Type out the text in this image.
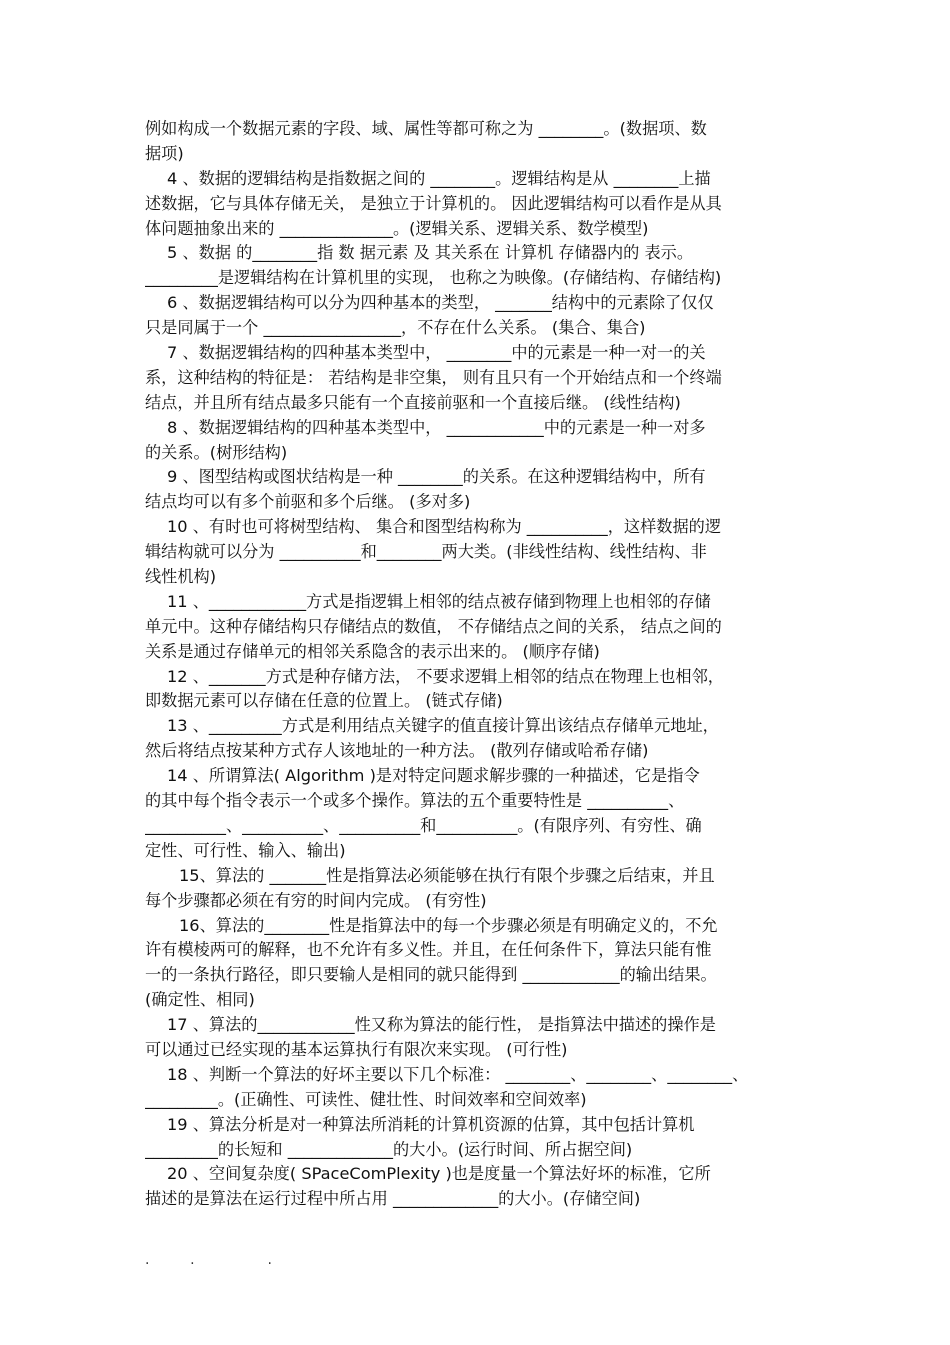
例如构成一个数据元素的字段、域、属性等都可称之为 ________。(数据项、数
据项)
4 、数据的逻辑结构是指数据之间的 ________。逻辑结构是从 ________上描
述数据，它与具体存储无关， 是独立于计算机的。 因此逻辑结构可以看作是从具
体问题抽象出来的 ______________。(逻辑关系、逻辑关系、数学模型)
5 、数据 的________指 数 据元素 及 其关系在 计算机 存储器内的 表示。
_________是逻辑结构在计算机里的实现， 也称之为映像。(存储结构、存储结构)
6 、数据逻辑结构可以分为四种基本的类型， _______结构中的元素除了仅仅
只是同属于一个 _________________，不存在什么关系。 (集合、集合)
7 、数据逻辑结构的四种基本类型中， ________中的元素是一种一对一的关
系，这种结构的特征是： 若结构是非空集， 则有且只有一个开始结点和一个终端
结点，并且所有结点最多只能有一个直接前驱和一个直接后继。 (线性结构)
8 、数据逻辑结构的四种基本类型中， ____________中的元素是一种一对多
的关系。(树形结构)
9 、图型结构或图状结构是一种 ________的关系。在这种逻辑结构中，所有
结点均可以有多个前驱和多个后继。 (多对多)
10 、有时也可将树型结构、 集合和图型结构称为 __________，这样数据的逻
辑结构就可以分为 __________和________两大类。(非线性结构、线性结构、非
线性机构)
11 、____________方式是指逻辑上相邻的结点被存储到物理上也相邻的存储
单元中。这种存储结构只存储结点的数值， 不存储结点之间的关系， 结点之间的
关系是通过存储单元的相邻关系隐含的表示出来的。 (顺序存储)
12 、_______方式是种存储方法， 不要求逻辑上相邻的结点在物理上也相邻，
即数据元素可以存储在任意的位置上。 (链式存储)
13 、_________方式是利用结点关键字的值直接计算出该结点存储单元地址，
然后将结点按某种方式存人该地址的一种方法。 (散列存储或哈希存储)
14 、所谓算法( Algorithm )是对特定问题求解步骤的一种描述，它是指令
的其中每个指令表示一个或多个操作。算法的五个重要特性是 __________、
__________、__________、__________和__________。(有限序列、有穷性、确
定性、可行性、输入、输出)
15、算法的 _______性是指算法必须能够在执行有限个步骤之后结束，并且
每个步骤都必须在有穷的时间内完成。 (有穷性)
16、算法的________性是指算法中的每一个步骤必须是有明确定义的，不允
许有模棱两可的解释，也不允许有多义性。并且，在任何条件下，算法只能有惟
一的一条执行路径，即只要输人是相同的就只能得到 ____________的输出结果。
(确定性、相同)
17 、算法的____________性又称为算法的能行性， 是指算法中描述的操作是
可以通过已经实现的基本运算执行有限次来实现。 (可行性)
18 、判断一个算法的好坏主要以下几个标准： ________、________、________、
_________。(正确性、可读性、健壮性、时间效率和空间效率)
19 、算法分析是对一种算法所消耗的计算机资源的估算，其中包括计算机
_________的长短和 _____________的大小。(运行时间、所占据空间)
20 、空间复杂度( SPaceComPlexity )也是度量一个算法好坏的标准，它所
描述的是算法在运行过程中所占用 _____________的大小。(存储空间)
.      .           .
